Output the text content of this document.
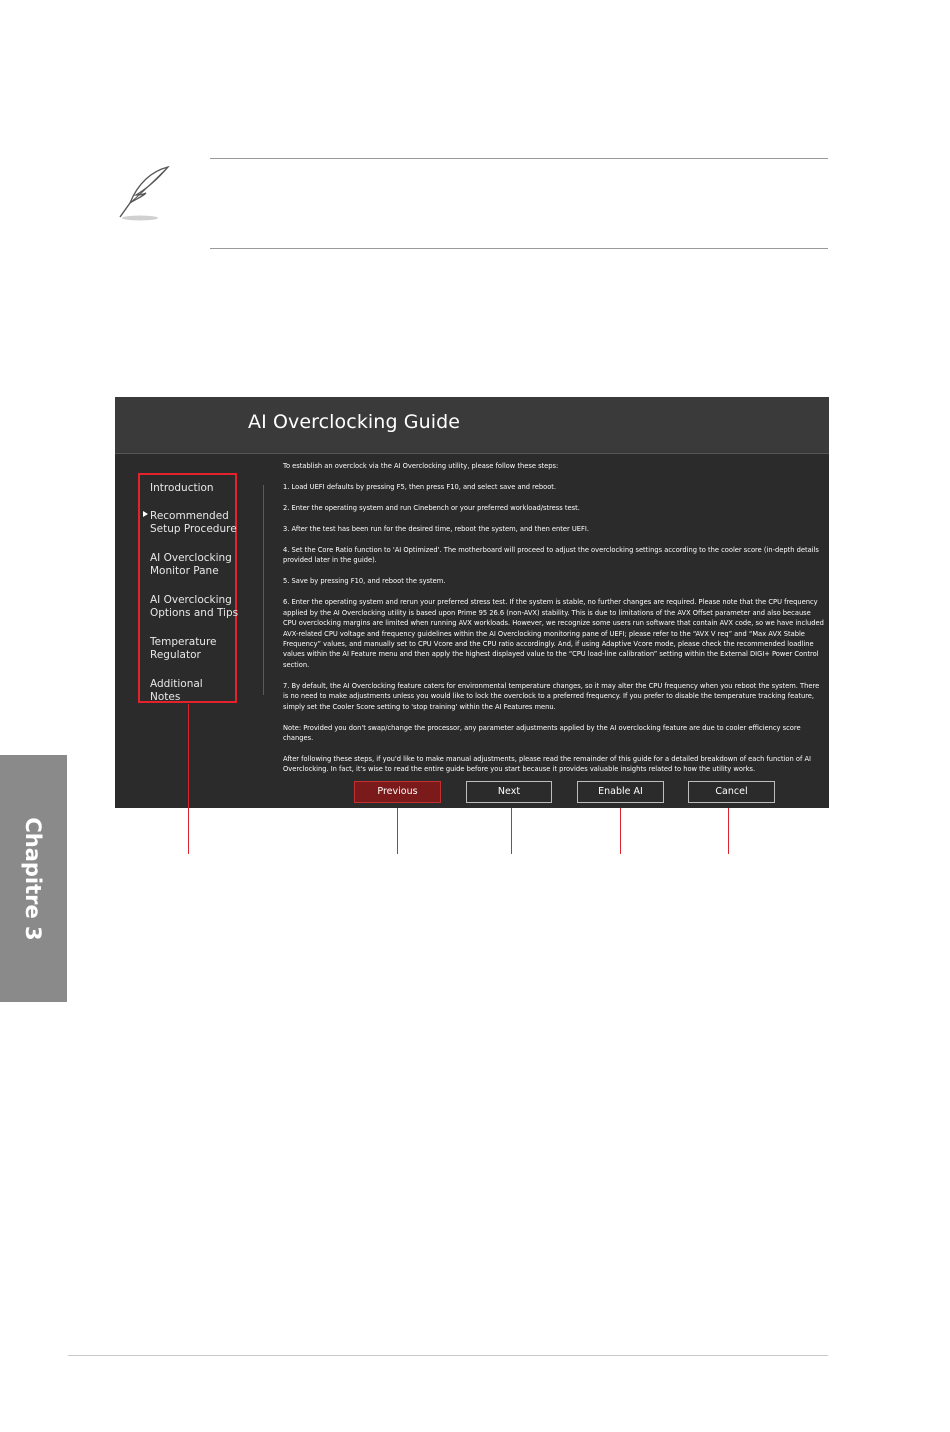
AI Overclocking Guide
Introduction
Recommended
Setup Procedure
AI Overclocking
Monitor Pane
AI Overclocking
Options and Tips
Temperature
Regulator
Additional
Notes

To establish an overclock via the AI Overclocking utility, please follow these steps:

1. Load UEFI defaults by pressing F5, then press F10, and select save and reboot.

2. Enter the operating system and run Cinebench or your preferred workload/stress test.

3. After the test has been run for the desired time, reboot the system, and then enter UEFI.

4. Set the Core Ratio function to 'AI Optimized'. The motherboard will proceed to adjust the overclocking settings according to the cooler score (in-depth details provided later in the guide).

5. Save by pressing F10, and reboot the system.

6. Enter the operating system and rerun your preferred stress test. If the system is stable, no further changes are required. Please note that the CPU frequency applied by the AI Overclocking utility is based upon Prime 95 26.6 (non-AVX) stability. This is due to limitations of the AVX Offset parameter and also because CPU overclocking margins are limited when running AVX workloads. However, we recognize some users run software that contain AVX code, so we have included AVX-related CPU voltage and frequency guidelines within the AI Overclocking monitoring pane of UEFI; please refer to the “AVX V req” and “Max AVX Stable Frequency” values, and manually set to CPU Vcore and the CPU ratio accordingly. And, if using Adaptive Vcore mode, please check the recommended loadline values within the AI Feature menu and then apply the highest displayed value to the “CPU load-line calibration” setting within the External DIGI+ Power Control section.

7. By default, the AI Overclocking feature caters for environmental temperature changes, so it may alter the CPU frequency when you reboot the system. There is no need to make adjustments unless you would like to lock the overclock to a preferred frequency. If you prefer to disable the temperature tracking feature, simply set the Cooler Score setting to 'stop training' within the AI Features menu.

Note: Provided you don't swap/change the processor, any parameter adjustments applied by the AI overclocking feature are due to cooler efficiency score changes.

After following these steps, if you'd like to make manual adjustments, please read the remainder of this guide for a detailed breakdown of each function of AI Overclocking. In fact, it's wise to read the entire guide before you start because it provides valuable insights related to how the utility works.

Previous	Next	Enable AI	Cancel
Chapitre 3
